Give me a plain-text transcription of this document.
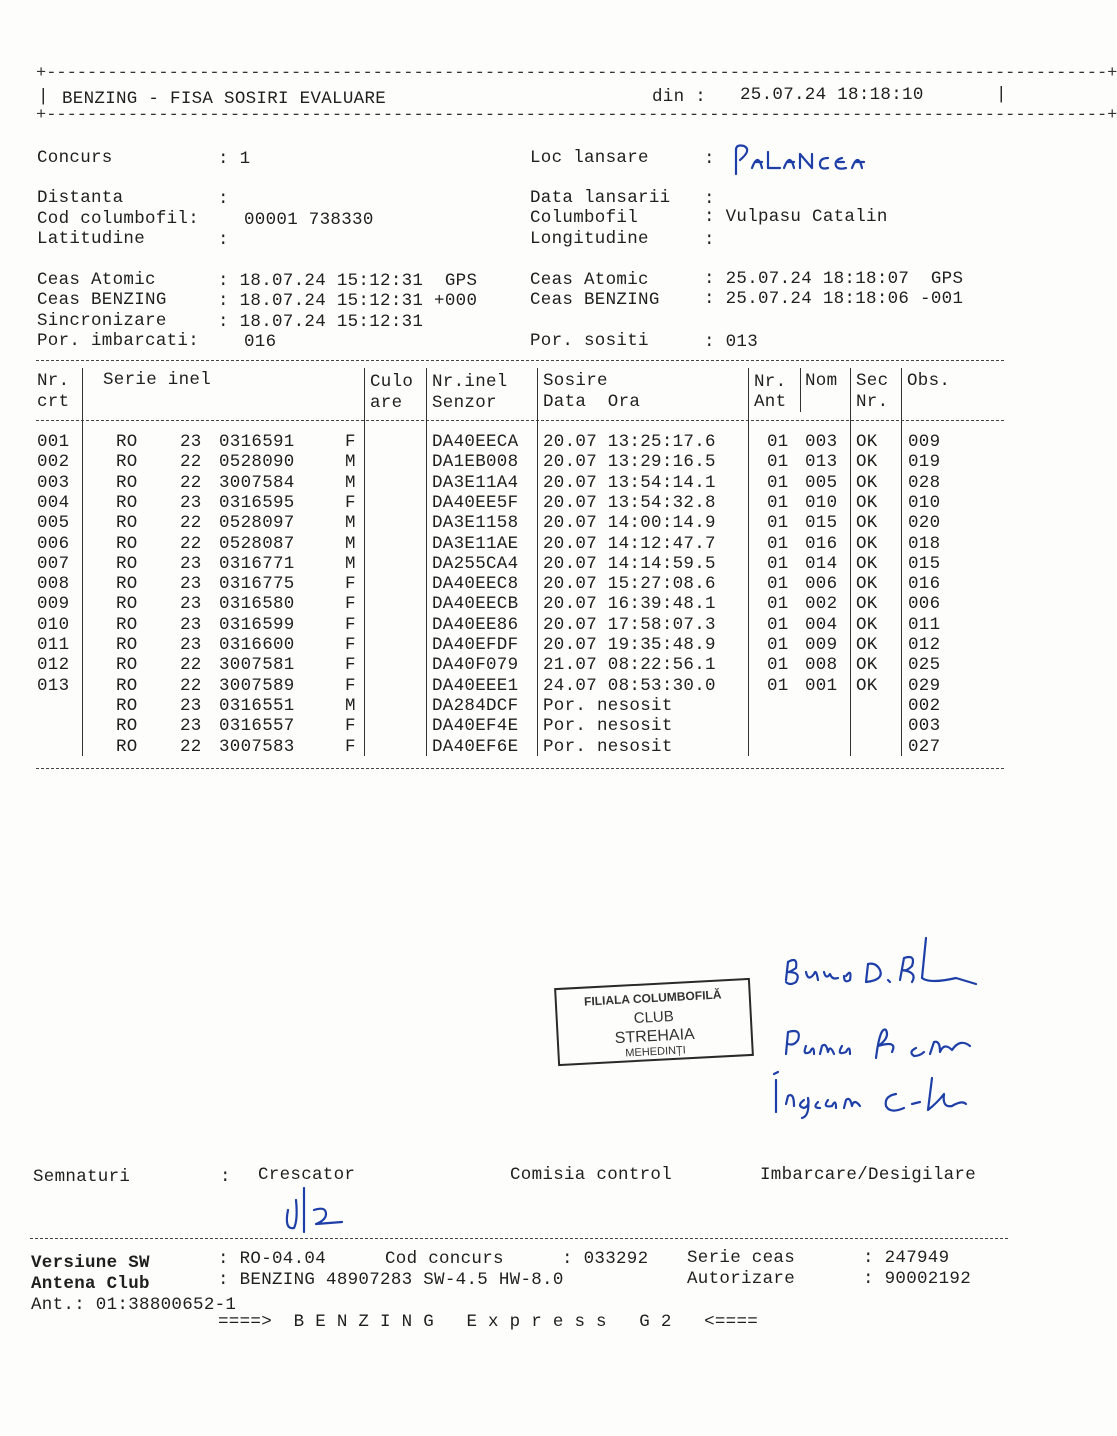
+--------------------------------------------------------------------------------------------------------+
| BENZING - FISA SOSIRI EVALUARE	din : 25.07.24 18:18:10	|
+--------------------------------------------------------------------------------------------------------+
Concurs	: 1	Loc lansare	:
Distanta	:	Data lansarii :
Cod columbofil:	00001 738330	Columbofil	: Vulpasu Catalin
Latitudine	:	Longitudine	:
Ceas Atomic	: 18.07.24 15:12:31  GPS	Ceas Atomic	: 25.07.24 18:18:07  GPS
Ceas BENZING	: 18.07.24 15:12:31 +000	Ceas BENZING	: 25.07.24 18:18:06 -001
Sincronizare	: 18.07.24 15:12:31
Por. imbarcati:	016	Por. sositi	: 013
Nr.
crt
Serie inel	Culo
are
Nr.inel
Senzor
Sosire
Data  Ora
Nr.
Ant
Nom Sec
Nr.
Obs.
001	RO 23 0316591	F	DA40EECA 20.07 13:25:17.6	01 003 OK 009
002	RO 22 0528090	M	DA1EB008 20.07 13:29:16.5	01 013 OK 019
003	RO 22 3007584	M	DA3E11A4 20.07 13:54:14.1	01 005 OK 028
004	RO 23 0316595	F	DA40EE5F 20.07 13:54:32.8	01 010 OK 010
005	RO 22 0528097	M	DA3E1158 20.07 14:00:14.9	01 015 OK 020
006	RO 22 0528087	M	DA3E11AE 20.07 14:12:47.7	01 016 OK 018
007	RO 23 0316771	M	DA255CA4 20.07 14:14:59.5	01 014 OK 015
008	RO 23 0316775	F	DA40EEC8 20.07 15:27:08.6	01 006 OK 016
009	RO 23 0316580	F	DA40EECB 20.07 16:39:48.1	01 002 OK 006
010	RO 23 0316599	F	DA40EE86 20.07 17:58:07.3	01 004 OK 011
011	RO 23 0316600	F	DA40EFDF 20.07 19:35:48.9	01 009 OK 012
012	RO 22 3007581	F	DA40F079 21.07 08:22:56.1	01 008 OK 025
013	RO 22 3007589	F	DA40EEE1 24.07 08:53:30.0	01 001 OK 029
RO 23 0316551	M	DA284DCF Por. nesosit	002
RO 23 0316557	F	DA40EF4E Por. nesosit	003
RO 22 3007583	F	DA40EF6E Por. nesosit	027
FILIALA COLUMBOFILĂ
CLUB
STREHAIA
MEHEDINȚI
Semnaturi	: Crescator	Comisia control	Imbarcare/Desigilare
Versiune SW	: RO-04.04	Cod concurs	: 033292 Serie ceas	: 247949
Antena Club	: BENZING 48907283 SW-4.5 HW-8.0	Autorizare	: 90002192
Ant.: 01:38800652-1
====>  B E N Z I N G   E x p r e s s   G 2   <====
